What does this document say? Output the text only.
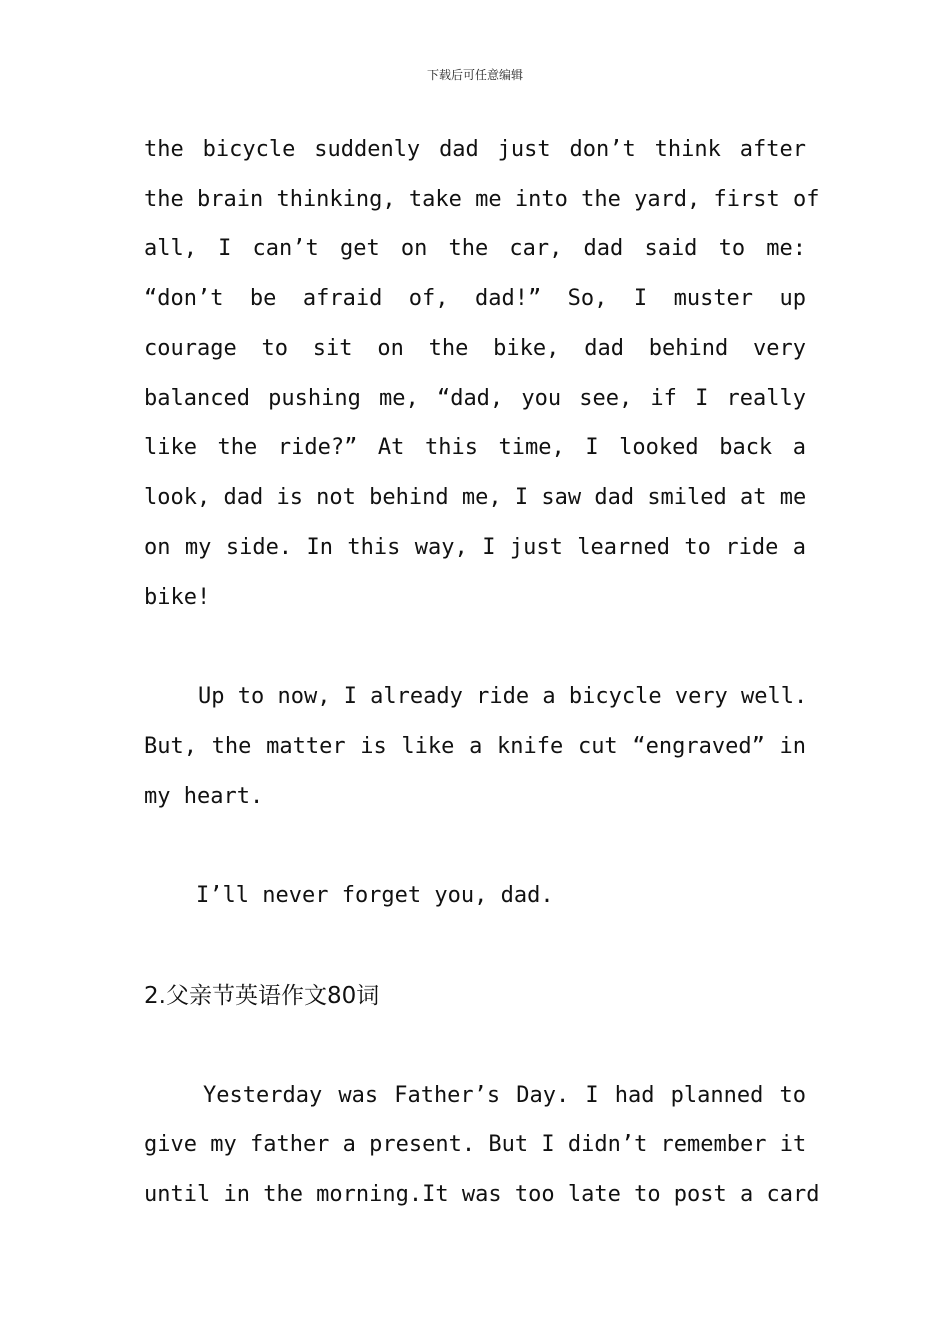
下载后可任意编辑
the bicycle suddenly dad just don’t think after
the brain thinking, take me into the yard, first of
all, I can’t get on the car, dad said to me:
“don’t be afraid of, dad!” So, I muster up
courage to sit on the bike, dad behind very
balanced pushing me, “dad, you see, if I really
like the ride?” At this time, I looked back a
look, dad is not behind me, I saw dad smiled at me
on my side. In this way, I just learned to ride a
bike!
Up to now, I already ride a bicycle very well.
But, the matter is like a knife cut “engraved” in
my heart.
I’ll never forget you, dad.
2.父亲节英语作文80词
Yesterday was Father’s Day. I had planned to
give my father a present. But I didn’t remember it
until in the morning.It was too late to post a card
